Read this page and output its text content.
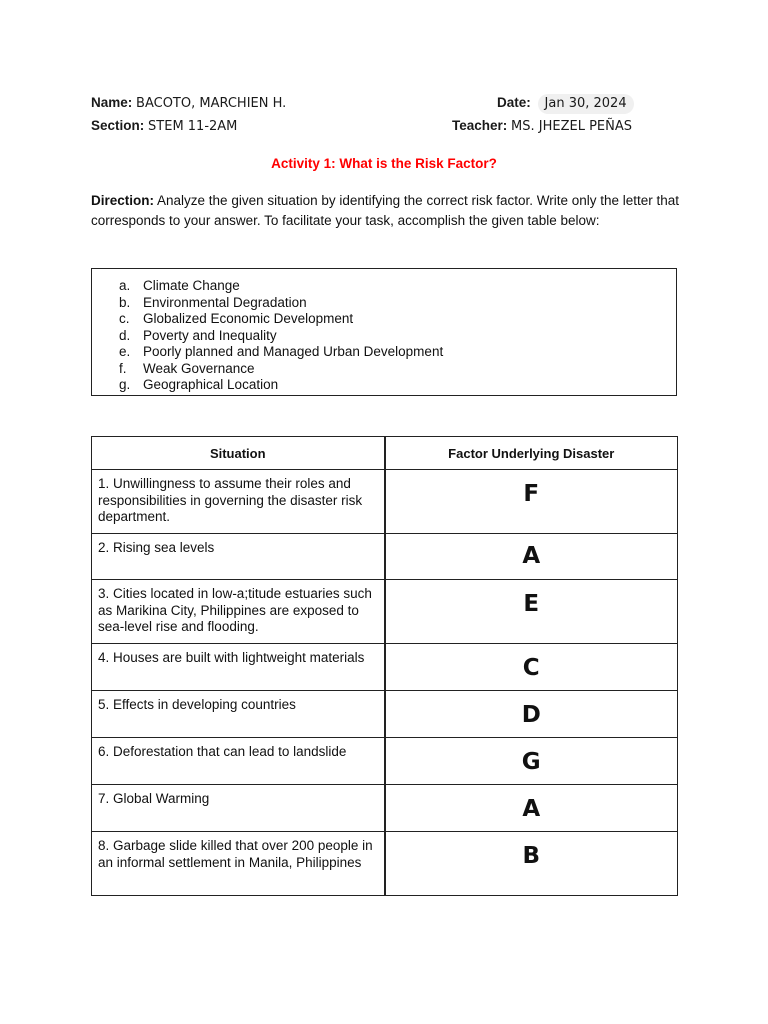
Name: BACOTO, MARCHIEN H.	Date: Jan 30, 2024
Section: STEM 11-2AM	Teacher: MS. JHEZEL PEÑAS
Activity 1: What is the Risk Factor?
Direction: Analyze the given situation by identifying the correct risk factor. Write only the letter that corresponds to your answer. To facilitate your task, accomplish the given table below:
a. Climate Change
b. Environmental Degradation
c. Globalized Economic Development
d. Poverty and Inequality
e. Poorly planned and Managed Urban Development
f. Weak Governance
g. Geographical Location
Situation	Factor Underlying Disaster
1. Unwillingness to assume their roles and responsibilities in governing the disaster risk department.	F
2. Rising sea levels	A
3. Cities located in low-a;titude estuaries such as Marikina City, Philippines are exposed to sea-level rise and flooding.	E
4. Houses are built with lightweight materials	C
5. Effects in developing countries	D
6. Deforestation that can lead to landslide	G
7. Global Warming	A
8. Garbage slide killed that over 200 people in an informal settlement in Manila, Philippines	B
